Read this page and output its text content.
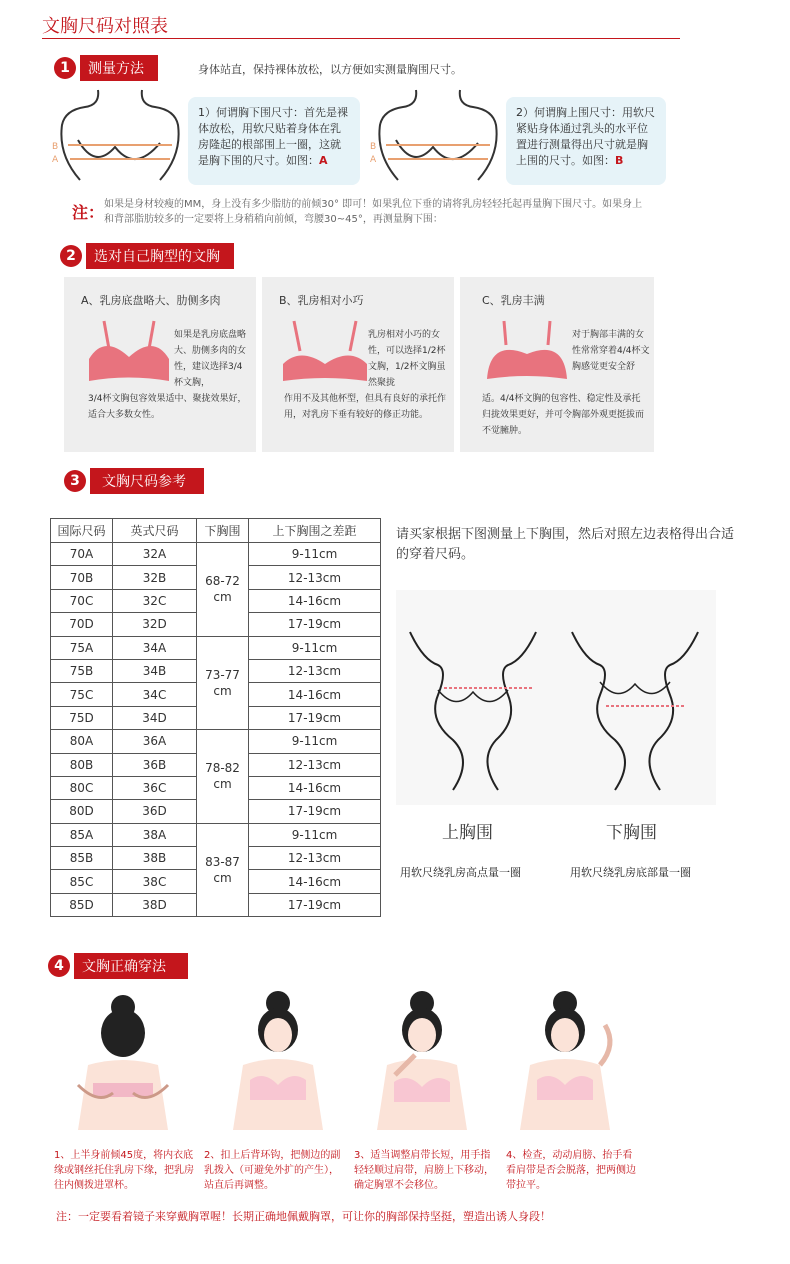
文胸尺码对照表
1	测量方法	身体站直，保持裸体放松，以方便如实测量胸围尺寸。
B
A
1）何谓胸下围尺寸：首先是裸体放松，用软尺贴着身体在乳房隆起的根部围上一圈，这就是胸下围的尺寸。如图：A
B
A
2）何谓胸上围尺寸：用软尺紧贴身体通过乳头的水平位置进行测量得出尺寸就是胸上围的尺寸。如图：B
注： 如果是身材较瘦的MM，身上没有多少脂肪的前倾30° 即可！如果乳位下垂的请将乳房轻轻托起再量胸下围尺寸。如果身上和背部脂肪较多的一定要将上身稍稍向前倾，弯腰30~45°，再测量胸下围：
2	选对自己胸型的文胸
A、乳房底盘略大、肋侧多肉
如果是乳房底盘略大、肋侧多肉的女性，建议选择3/4杯文胸，
3/4杯文胸包容效果适中、聚拢效果好，适合大多数女性。
B、乳房相对小巧
乳房相对小巧的女性，可以选择1/2杯文胸，1/2杯文胸虽然聚拢
作用不及其他杯型，但具有良好的承托作用，对乳房下垂有较好的修正功能。
C、乳房丰满
对于胸部丰满的女性常常穿着4/4杯文胸感觉更安全舒
适。4/4杯文胸的包容性、稳定性及承托归拢效果更好，并可令胸部外观更挺拔而不觉臃肿。
3	文胸尺码参考
国际尺码	英式尺码	下胸围	上下胸围之差距
70A	32A	68-72 cm	9-11cm
70B	32B		12-13cm
70C	32C		14-16cm
70D	32D		17-19cm
75A	34A	73-77 cm	9-11cm
75B	34B		12-13cm
75C	34C		14-16cm
75D	34D		17-19cm
80A	36A	78-82 cm	9-11cm
80B	36B		12-13cm
80C	36C		14-16cm
80D	36D		17-19cm
85A	38A	83-87 cm	9-11cm
85B	38B		12-13cm
85C	38C		14-16cm
85D	38D		17-19cm
请买家根据下图测量上下胸围，然后对照左边表格得出合适的穿着尺码。
上胸围	下胸围
用软尺绕乳房高点量一圈	用软尺绕乳房底部量一圈
4	文胸正确穿法
1、上半身前倾45度，将内衣底缘或钢丝托住乳房下缘，把乳房往内侧拨进罩杯。
2、扣上后背环钩，把侧边的副乳拨入（可避免外扩的产生），站直后再调整。
3、适当调整肩带长短，用手指轻轻顺过肩带，肩膀上下移动，确定胸罩不会移位。
4、检查，动动肩膀、抬手看看肩带是否会脱落，把两侧边带拉平。
注：一定要看着镜子来穿戴胸罩喔！长期正确地佩戴胸罩，可让你的胸部保持坚挺，塑造出诱人身段！
